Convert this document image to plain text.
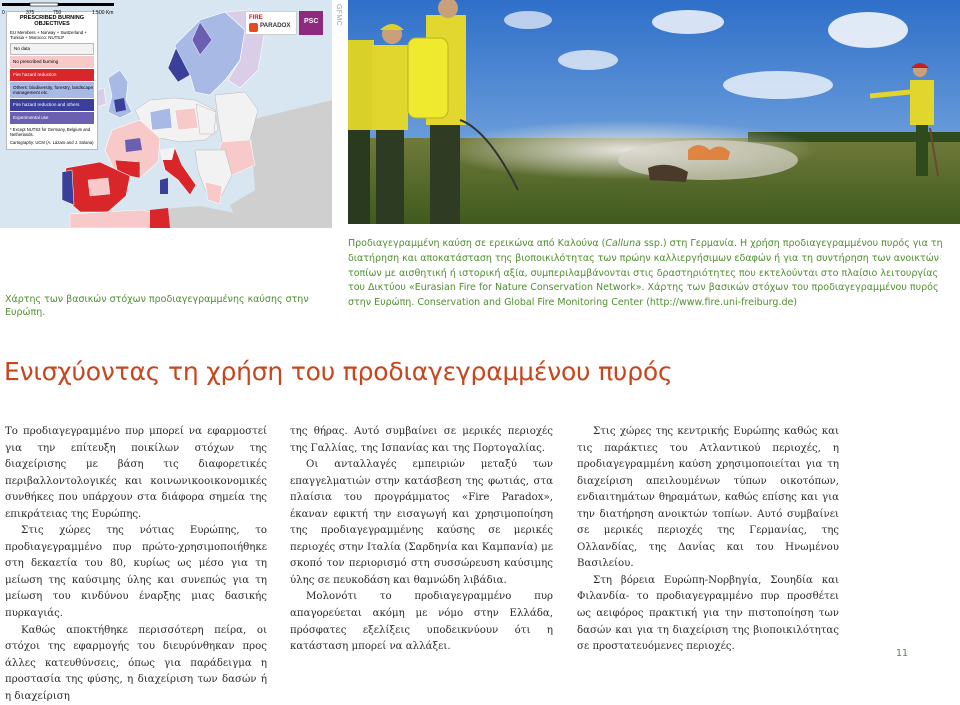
PRESCRIBED BURNING OBJECTIVES
EU Members + Norway + Switzerland + Tunisia + Morocco: NUTS3*
No data
No prescribed burning
Fire hazard reduction
Others: biodiversity, forestry, landscape management etc.
Fire hazard reduction and others
Experimental use
* Except NUTS2 for Germany, Belgium and Netherlands.
Cartography: UCM (A. Lázaro and J. Solana)
FIRE
PARADOX
PSC
0	375	750	1.500 Km	GFMC

Χάρτης των βασικών στόχων προδιαγεγραμμένης καύσης στην Ευρώπη.

Προδιαγεγραμμένη καύση σε ερεικώνα από Καλούνα (Calluna ssp.) στη Γερμανία. Η χρήση προδιαγεγραμμένου πυρός για τη διατήρηση και αποκατάσταση της βιοποικιλότητας των πρώην καλλιεργήσιμων εδαφών ή για τη συντήρηση των ανοικτών τοπίων με αισθητική ή ιστορική αξία, συμπεριλαμβάνονται στις δραστηριότητες που εκτελούνται στο πλαίσιο λειτουργίας του Δικτύου «Eurasian Fire for Nature Conservation Network». Χάρτης των βασικών στόχων του προδιαγεγραμμένου πυρός στην Ευρώπη. Conservation and Global Fire Monitoring Center (http://www.fire.uni-freiburg.de)

Ενισχύοντας τη χρήση του προδιαγεγραμμένου πυρός

Το προδιαγεγραμμένο πυρ μπορεί να εφαρμοστεί για την επίτευξη ποικίλων στόχων της διαχείρισης με βάση τις διαφορετικές περιβαλλοντολογικές και κοινωνικοοικονομικές συνθήκες που υπάρχουν στα διάφορα σημεία της επικράτειας της Ευρώπης.

Στις χώρες της νότιας Ευρώπης, το προδιαγεγραμμένο πυρ πρώτο-χρησιμοποιήθηκε στη δεκαετία του 80, κυρίως ως μέσο για τη μείωση της καύσιμης ύλης και συνεπώς για τη μείωση του κινδύνου έναρξης μιας δασικής πυρκαγιάς.

Καθώς αποκτήθηκε περισσότερη πείρα, οι στόχοι της εφαρμογής του διευρύνθηκαν προς άλλες κατευθύνσεις, όπως για παράδειγμα η προστασία της φύσης, η διαχείριση των δασών ή η διαχείριση

της θήρας. Αυτό συμβαίνει σε μερικές περιοχές της Γαλλίας, της Ισπανίας και της Πορτογαλίας.

Οι ανταλλαγές εμπειριών μεταξύ των επαγγελματιών στην κατάσβεση της φωτιάς, στα πλαίσια του προγράμματος «Fire Paradox», έκαναν εφικτή την εισαγωγή και χρησιμοποίηση της προδιαγεγραμμένης καύσης σε μερικές περιοχές στην Ιταλία (Σαρδηνία και Καμπανία) με σκοπό τον περιορισμό στη συσσώρευση καύσιμης ύλης σε πευκοδάση και θαμνώδη λιβάδια.

Μολονότι το προδιαγεγραμμένο πυρ απαγορεύεται ακόμη με νόμο στην Ελλάδα, πρόσφατες εξελίξεις υποδεικνύουν ότι η κατάσταση μπορεί να αλλάξει.

Στις χώρες της κεντρικής Ευρώπης καθώς και τις παράκτιες του Ατλαντικού περιοχές, η προδιαγεγραμμένη καύση χρησιμοποιείται για τη διαχείριση απειλουμένων τύπων οικοτόπων, ενδιαιτημάτων θηραμάτων, καθώς επίσης και για την διατήρηση ανοικτών τοπίων. Αυτό συμβαίνει σε μερικές περιοχές της Γερμανίας, της Ολλανδίας, της Δανίας και του Ηνωμένου Βασιλείου.

Στη βόρεια Ευρώπη-Νορβηγία, Σουηδία και Φιλανδία- το προδιαγεγραμμένο πυρ προσθέτει ως αειφόρος πρακτική για την πιστοποίηση των δασών και για τη διαχείριση της βιοποικιλότητας σε προστατευόμενες περιοχές.

11
